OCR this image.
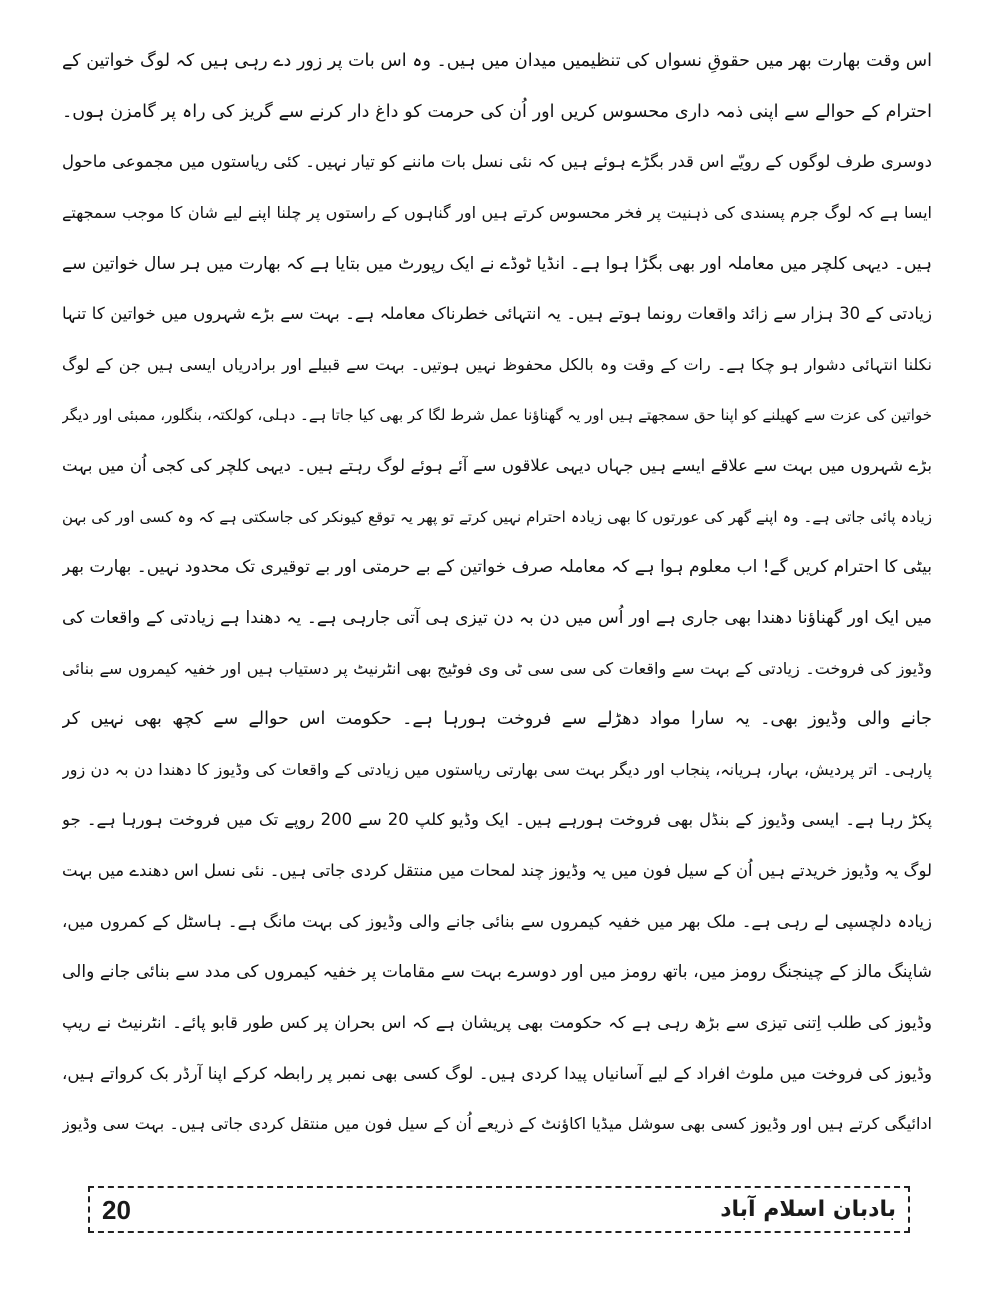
اس وقت بھارت بھر میں حقوقِ نسواں کی تنظیمیں میدان میں ہیں۔ وہ اس بات پر زور دے رہی ہیں کہ لوگ خواتین کے
احترام کے حوالے سے اپنی ذمہ داری محسوس کریں اور اُن کی حرمت کو داغ دار کرنے سے گریز کی راہ پر گامزن ہوں۔
دوسری طرف لوگوں کے رویّے اس قدر بگڑے ہوئے ہیں کہ نئی نسل بات ماننے کو تیار نہیں۔ کئی ریاستوں میں مجموعی ماحول
ایسا ہے کہ لوگ جرم پسندی کی ذہنیت پر فخر محسوس کرتے ہیں اور گناہوں کے راستوں پر چلنا اپنے لیے شان کا موجب سمجھتے
ہیں۔ دیہی کلچر میں معاملہ اور بھی بگڑا ہوا ہے۔ انڈیا ٹوڈے نے ایک رپورٹ میں بتایا ہے کہ بھارت میں ہر سال خواتین سے
زیادتی کے 30 ہزار سے زائد واقعات رونما ہوتے ہیں۔ یہ انتہائی خطرناک معاملہ ہے۔ بہت سے بڑے شہروں میں خواتین کا تنہا
نکلنا انتہائی دشوار ہو چکا ہے۔ رات کے وقت وہ بالکل محفوظ نہیں ہوتیں۔ بہت سے قبیلے اور برادریاں ایسی ہیں جن کے لوگ
خواتین کی عزت سے کھیلنے کو اپنا حق سمجھتے ہیں اور یہ گھناؤنا عمل شرط لگا کر بھی کیا جاتا ہے۔ دہلی، کولکتہ، بنگلور، ممبئی اور دیگر
بڑے شہروں میں بہت سے علاقے ایسے ہیں جہاں دیہی علاقوں سے آئے ہوئے لوگ رہتے ہیں۔ دیہی کلچر کی کجی اُن میں بہت
زیادہ پائی جاتی ہے۔ وہ اپنے گھر کی عورتوں کا بھی زیادہ احترام نہیں کرتے تو پھر یہ توقع کیونکر کی جاسکتی ہے کہ وہ کسی اور کی بہن
بیٹی کا احترام کریں گے! اب معلوم ہوا ہے کہ معاملہ صرف خواتین کے بے حرمتی اور بے توقیری تک محدود نہیں۔ بھارت بھر
میں ایک اور گھناؤنا دھندا بھی جاری ہے اور اُس میں دن بہ دن تیزی ہی آتی جارہی ہے۔ یہ دھندا ہے زیادتی کے واقعات کی
وڈیوز کی فروخت۔ زیادتی کے بہت سے واقعات کی سی سی ٹی وی فوٹیج بھی انٹرنیٹ پر دستیاب ہیں اور خفیہ کیمروں سے بنائی
جانے والی وڈیوز بھی۔ یہ سارا مواد دھڑلے سے فروخت ہورہا ہے۔ حکومت اس حوالے سے کچھ بھی نہیں کر
پارہی۔ اتر پردیش، بہار، ہریانہ، پنجاب اور دیگر بہت سی بھارتی ریاستوں میں زیادتی کے واقعات کی وڈیوز کا دھندا دن بہ دن زور
پکڑ رہا ہے۔ ایسی وڈیوز کے بنڈل بھی فروخت ہورہے ہیں۔ ایک وڈیو کلپ 20 سے 200 روپے تک میں فروخت ہورہا ہے۔ جو
لوگ یہ وڈیوز خریدتے ہیں اُن کے سیل فون میں یہ وڈیوز چند لمحات میں منتقل کردی جاتی ہیں۔ نئی نسل اس دھندے میں بہت
زیادہ دلچسپی لے رہی ہے۔ ملک بھر میں خفیہ کیمروں سے بنائی جانے والی وڈیوز کی بہت مانگ ہے۔ ہاسٹل کے کمروں میں،
شاپنگ مالز کے چینجنگ رومز میں، باتھ رومز میں اور دوسرے بہت سے مقامات پر خفیہ کیمروں کی مدد سے بنائی جانے والی
وڈیوز کی طلب اِتنی تیزی سے بڑھ رہی ہے کہ حکومت بھی پریشان ہے کہ اس بحران پر کس طور قابو پائے۔ انٹرنیٹ نے ریپ
وڈیوز کی فروخت میں ملوث افراد کے لیے آسانیاں پیدا کردی ہیں۔ لوگ کسی بھی نمبر پر رابطہ کرکے اپنا آرڈر بک کرواتے ہیں،
ادائیگی کرتے ہیں اور وڈیوز کسی بھی سوشل میڈیا اکاؤنٹ کے ذریعے اُن کے سیل فون میں منتقل کردی جاتی ہیں۔ بہت سی وڈیوز
20	بادبان اسلام آباد
